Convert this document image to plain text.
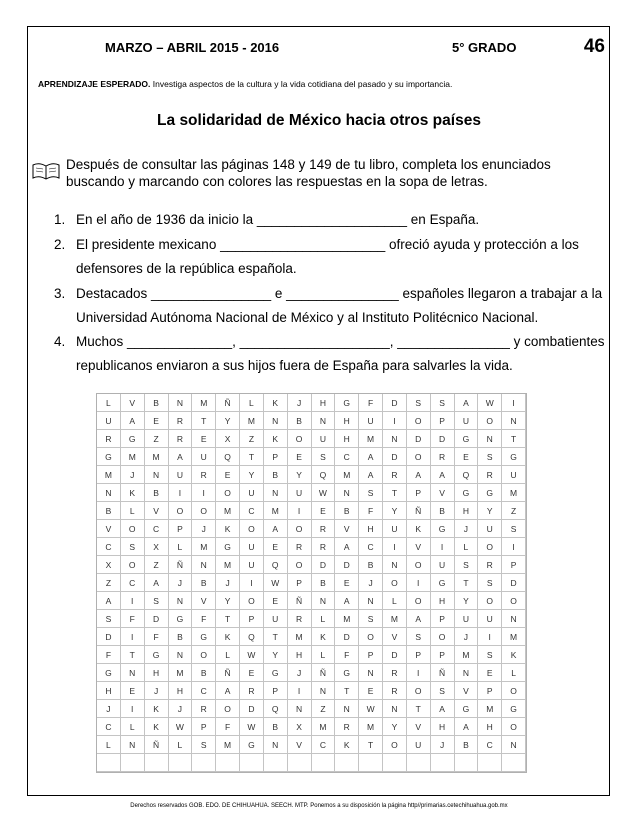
MARZO – ABRIL 2015 - 2016	5° GRADO	46
APRENDIZAJE ESPERADO. Investiga aspectos de la cultura y la vida cotidiana del pasado y su importancia.
La solidaridad de México hacia otros países
Después de consultar las páginas 148 y 149 de tu libro, completa los enunciados
buscando y marcando con colores las respuestas en la sopa de letras.
1. En el año de 1936 da inicio la ____________________ en España.
2. El presidente mexicano ______________________ ofreció ayuda y protección a los
defensores de la república española.
3. Destacados ________________ e _______________ españoles llegaron a trabajar a la
Universidad Autónoma Nacional de México y al Instituto Politécnico Nacional.
4. Muchos ______________, ____________________, _______________ y combatientes
republicanos enviaron a sus hijos fuera de España para salvarles la vida.
L	V	B	N	M	Ñ	L	K	J	H	G	F	D	S	S	A	W	I
U	A	E	R	T	Y	M	N	B	N	H	U	I	O	P	U	O	N
R	G	Z	R	E	X	Z	K	O	U	H	M	N	D	D	G	N	T
G	M	M	A	U	Q	T	P	E	S	C	A	D	O	R	E	S	G
M	J	N	U	R	E	Y	B	Y	Q	M	A	R	A	A	Q	R	U
N	K	B	I	I	O	U	N	U	W	N	S	T	P	V	G	G	M
B	L	V	O	O	M	C	M	I	E	B	F	Y	Ñ	B	H	Y	Z
V	O	C	P	J	K	O	A	O	R	V	H	U	K	G	J	U	S
C	S	X	L	M	G	U	E	R	R	A	C	I	V	I	L	O	I
X	O	Z	Ñ	N	M	U	Q	O	D	D	B	N	O	U	S	R	P
Z	C	A	J	B	J	I	W	P	B	E	J	O	I	G	T	S	D
A	I	S	N	V	Y	O	E	Ñ	N	A	N	L	O	H	Y	O	O
S	F	D	G	F	T	P	U	R	L	M	S	M	A	P	U	U	N
D	I	F	B	G	K	Q	T	M	K	D	O	V	S	O	J	I	M
F	T	G	N	O	L	W	Y	H	L	F	P	D	P	P	M	S	K
G	N	H	M	B	Ñ	E	G	J	Ñ	G	N	R	I	Ñ	N	E	L
H	E	J	H	C	A	R	P	I	N	T	E	R	O	S	V	P	O
J	I	K	J	R	O	D	Q	N	Z	N	W	N	T	A	G	M	G
C	L	K	W	P	F	W	B	X	M	R	M	Y	V	H	A	H	O
L	N	Ñ	L	S	M	G	N	V	C	K	T	O	U	J	B	C	N
Derechos reservados GOB. EDO. DE CHIHUAHUA. SEECH. MTP. Ponemos a su disposición la página http//primarias.cetechihuahua.gob.mx
